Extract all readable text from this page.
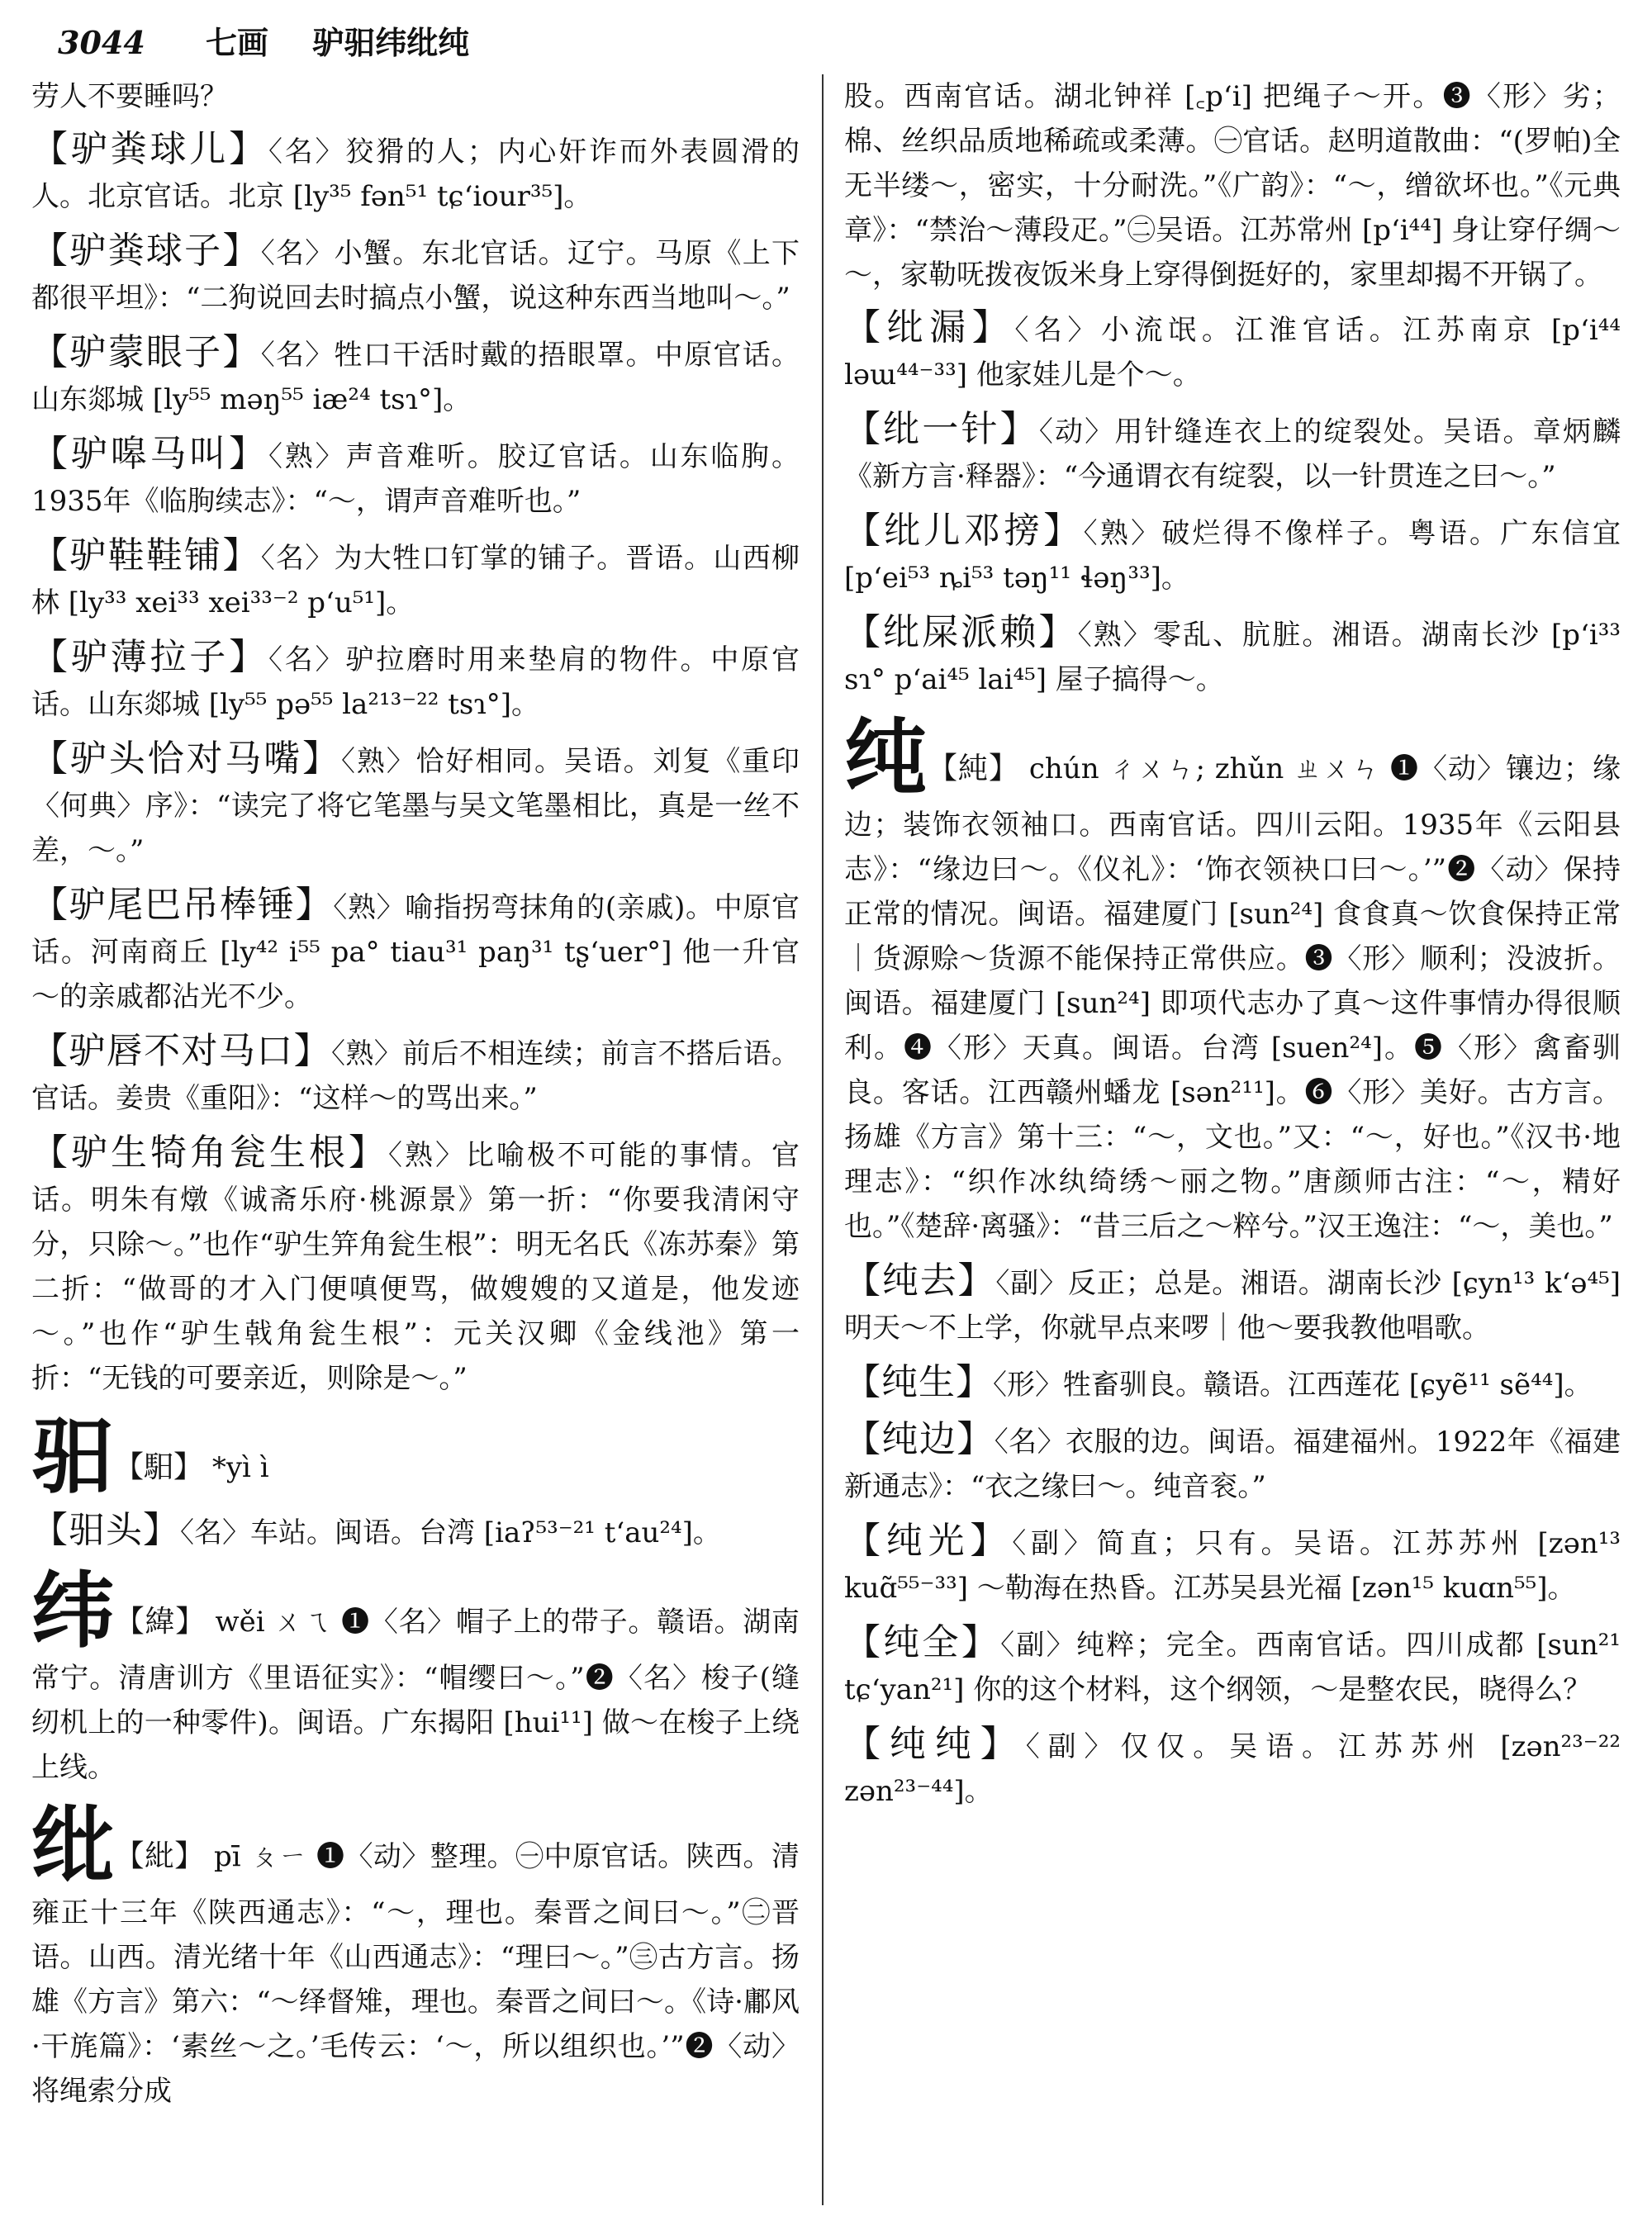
3044 七画 驴驲纬纰纯
劳人不要睡吗？
【驴粪球儿】〈名〉狡猾的人；内心奸诈而外表圆滑的人。北京官话。北京 [ly³⁵ fən⁵¹ tɕʻiour³⁵]。
【驴粪球子】〈名〉小蟹。东北官话。辽宁。马原《上下都很平坦》：“二狗说回去时搞点小蟹，说这种东西当地叫～。”
【驴蒙眼子】〈名〉牲口干活时戴的捂眼罩。中原官话。山东郯城 [ly⁵⁵ məŋ⁵⁵ iæ²⁴ tsɿ°]。
【驴嗥马叫】〈熟〉声音难听。胶辽官话。山东临朐。1935年《临朐续志》：“～，谓声音难听也。”
【驴鞋鞋铺】〈名〉为大牲口钉掌的铺子。晋语。山西柳林 [ly³³ xei³³ xei³³⁻² pʻu⁵¹]。
【驴薄拉子】〈名〉驴拉磨时用来垫肩的物件。中原官话。山东郯城 [ly⁵⁵ pə⁵⁵ la²¹³⁻²² tsɿ°]。
【驴头恰对马嘴】〈熟〉恰好相同。吴语。刘复《重印〈何典〉序》：“读完了将它笔墨与吴文笔墨相比，真是一丝不差，～。”
【驴尾巴吊棒锤】〈熟〉喻指拐弯抹角的(亲戚)。中原官话。河南商丘 [ly⁴² i⁵⁵ pa° tiau³¹ paŋ³¹ tʂʻuer°] 他一升官～的亲戚都沾光不少。
【驴唇不对马口】〈熟〉前后不相连续；前言不搭后语。官话。姜贵《重阳》：“这样～的骂出来。”
【驴生犄角瓮生根】〈熟〉比喻极不可能的事情。官话。明朱有燉《诚斋乐府·桃源景》第一折：“你要我清闲守分，只除～。”也作“驴生笄角瓮生根”：明无名氏《冻苏秦》第二折：“做哥的才入门便嗔便骂，做嫂嫂的又道是，他发迹～。”也作“驴生戟角瓮生根”：元关汉卿《金线池》第一折：“无钱的可要亲近，则除是～。”
驲【馹】 *yì ì
【驲头】〈名〉车站。闽语。台湾 [iaʔ⁵³⁻²¹ tʻau²⁴]。
纬【緯】 wěi ㄨㄟ ❶〈名〉帽子上的带子。赣语。湖南常宁。清唐训方《里语征实》：“帽缨曰～。”❷〈名〉梭子(缝纫机上的一种零件)。闽语。广东揭阳 [hui¹¹] 做～在梭子上绕上线。
纰【紕】 pī ㄆㄧ ❶〈动〉整理。㊀中原官话。陕西。清雍正十三年《陕西通志》：“～，理也。秦晋之间曰～。”㊁晋语。山西。清光绪十年《山西通志》：“理曰～。”㊂古方言。扬雄《方言》第六：“～绎督雉，理也。秦晋之间曰～。《诗·鄘风·干旄篇》：‘素丝～之。’毛传云：‘～，所以组织也。’”❷〈动〉将绳索分成
股。西南官话。湖北钟祥 [꜀pʻi] 把绳子～开。❸〈形〉劣；棉、丝织品质地稀疏或柔薄。㊀官话。赵明道散曲：“(罗帕)全无半缕～，密实，十分耐洗。”《广韵》：“～，缯欲坏也。”《元典章》：“禁治～薄段疋。”㊁吴语。江苏常州 [pʻi⁴⁴] 身让穿仔绸～～，家勒呒拨夜饭米身上穿得倒挺好的，家里却揭不开锅了。
【纰漏】〈名〉小流氓。江淮官话。江苏南京 [pʻi⁴⁴ ləɯ⁴⁴⁻³³] 他家娃儿是个～。
【纰一针】〈动〉用针缝连衣上的绽裂处。吴语。章炳麟《新方言·释器》：“今通谓衣有绽裂，以一针贯连之曰～。”
【纰儿邓搒】〈熟〉破烂得不像样子。粤语。广东信宜 [pʻei⁵³ ȵi⁵³ təŋ¹¹ ɬəŋ³³]。
【纰屎派赖】〈熟〉零乱、肮脏。湘语。湖南长沙 [pʻi³³ sɿ° pʻai⁴⁵ lai⁴⁵] 屋子搞得～。
纯【純】 chún ㄔㄨㄣ; zhǔn ㄓㄨㄣ ❶〈动〉镶边；缘边；装饰衣领袖口。西南官话。四川云阳。1935年《云阳县志》：“缘边曰～。《仪礼》：‘饰衣领袂口曰～。’”❷〈动〉保持正常的情况。闽语。福建厦门 [sun²⁴] 食食真～饮食保持正常｜货源赊～货源不能保持正常供应。❸〈形〉顺利；没波折。闽语。福建厦门 [sun²⁴] 即项代志办了真～这件事情办得很顺利。❹〈形〉天真。闽语。台湾 [suen²⁴]。❺〈形〉禽畜驯良。客话。江西赣州蟠龙 [sən²¹¹]。❻〈形〉美好。古方言。扬雄《方言》第十三：“～，文也。”又：“～，好也。”《汉书·地理志》：“织作冰纨绮绣～丽之物。”唐颜师古注：“～，精好也。”《楚辞·离骚》：“昔三后之～粹兮。”汉王逸注：“～，美也。”
【纯去】〈副〉反正；总是。湘语。湖南长沙 [ɕyn¹³ kʻə⁴⁵] 明天～不上学，你就早点来啰｜他～要我教他唱歌。
【纯生】〈形〉牲畜驯良。赣语。江西莲花 [ɕyẽ¹¹ sẽ⁴⁴]。
【纯边】〈名〉衣服的边。闽语。福建福州。1922年《福建新通志》：“衣之缘曰～。纯音衮。”
【纯光】〈副〉简直；只有。吴语。江苏苏州 [zən¹³ kuɑ̃⁵⁵⁻³³] ～勒海在热昏。江苏吴县光福 [zən¹⁵ kuɑn⁵⁵]。
【纯全】〈副〉纯粹；完全。西南官话。四川成都 [sun²¹ tɕʻyan²¹] 你的这个材料，这个纲领，～是整农民，晓得么？
【纯纯】〈副〉仅仅。吴语。江苏苏州 [zən²³⁻²² zən²³⁻⁴⁴]。
